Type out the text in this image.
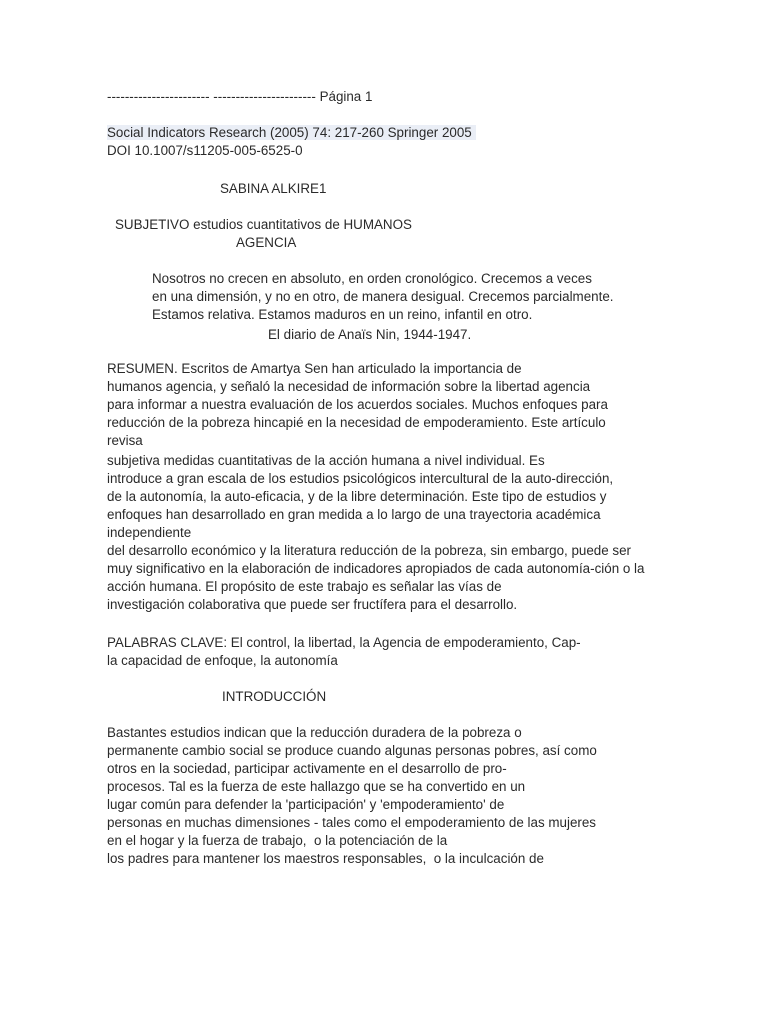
----------------------- ----------------------- Página 1
Social Indicators Research (2005) 74: 217-260 Springer 2005
DOI 10.1007/s11205-005-6525-0
SABINA ALKIRE1
SUBJETIVO estudios cuantitativos de HUMANOS
AGENCIA
Nosotros no crecen en absoluto, en orden cronológico. Crecemos a veces
en una dimensión, y no en otro, de manera desigual. Crecemos parcialmente.
Estamos relativa. Estamos maduros en un reino, infantil en otro.
El diario de Anaïs Nin, 1944-1947.
RESUMEN. Escritos de Amartya Sen han articulado la importancia de
humanos agencia, y señaló la necesidad de información sobre la libertad agencia
para informar a nuestra evaluación de los acuerdos sociales. Muchos enfoques para
reducción de la pobreza hincapié en la necesidad de empoderamiento. Este artículo
revisa
subjetiva medidas cuantitativas de la acción humana a nivel individual. Es
introduce a gran escala de los estudios psicológicos intercultural de la auto-dirección,
de la autonomía, la auto-eficacia, y de la libre determinación. Este tipo de estudios y
enfoques han desarrollado en gran medida a lo largo de una trayectoria académica
independiente
del desarrollo económico y la literatura reducción de la pobreza, sin embargo, puede ser
muy significativo en la elaboración de indicadores apropiados de cada autonomía-ción o la
acción humana. El propósito de este trabajo es señalar las vías de
investigación colaborativa que puede ser fructífera para el desarrollo.
PALABRAS CLAVE: El control, la libertad, la Agencia de empoderamiento, Cap-
la capacidad de enfoque, la autonomía
INTRODUCCIÓN
Bastantes estudios indican que la reducción duradera de la pobreza o
permanente cambio social se produce cuando algunas personas pobres, así como
otros en la sociedad, participar activamente en el desarrollo de pro-
procesos. Tal es la fuerza de este hallazgo que se ha convertido en un
lugar común para defender la 'participación' y 'empoderamiento' de
personas en muchas dimensiones - tales como el empoderamiento de las mujeres
en el hogar y la fuerza de trabajo,  o la potenciación de la
los padres para mantener los maestros responsables,  o la inculcación de
